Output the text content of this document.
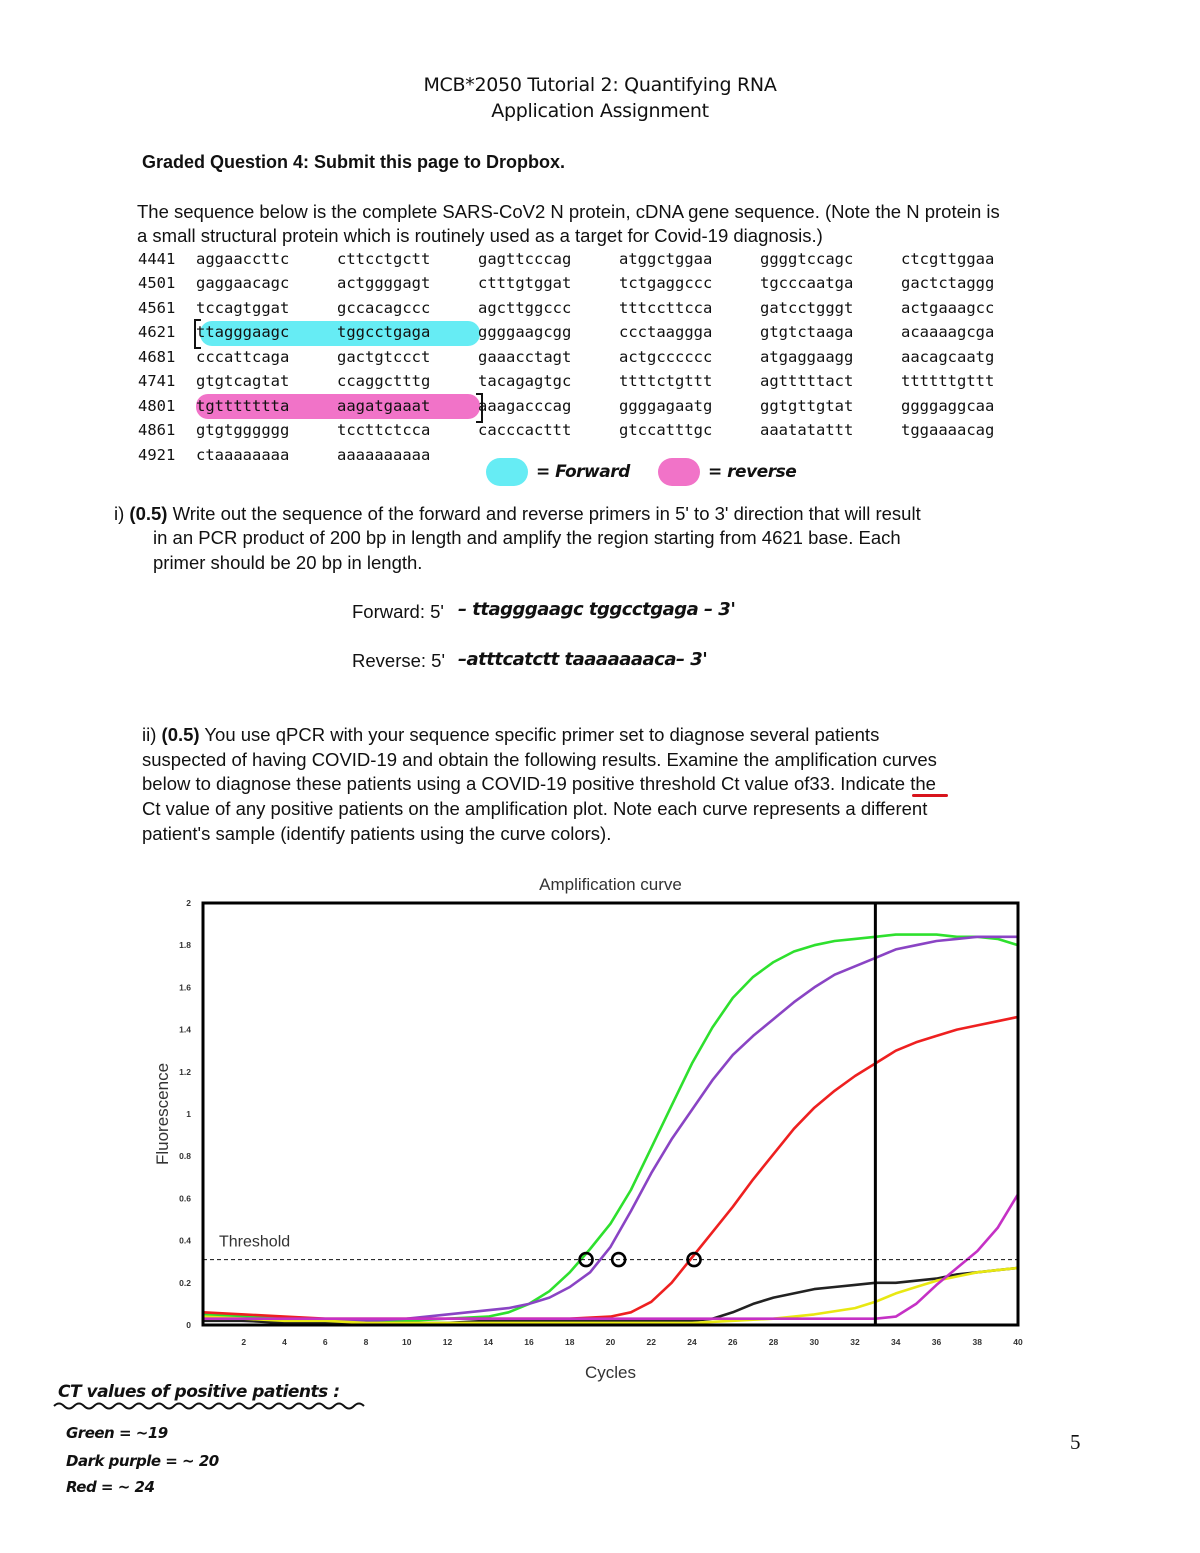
MCB*2050 Tutorial 2: Quantifying RNA
Application Assignment
Graded Question 4: Submit this page to Dropbox.
The sequence below is the complete SARS-CoV2 N protein, cDNA gene sequence. (Note the N protein is
a small structural protein which is routinely used as a target for Covid-19 diagnosis.)
4441 aggaaccttc	cttcctgctt	gagttcccag	atggctggaa	ggggtccagc	ctcgttggaa
4501 gaggaacagc	actggggagt	ctttgtggat	tctgaggccc	tgcccaatga	gactctaggg
4561 tccagtggat	gccacagccc	agcttggccc	tttccttcca	gatcctgggt	actgaaagcc
4621 ttagggaagc	tggcctgaga	ggggaagcgg	ccctaaggga	gtgtctaaga	acaaaagcga
4681 cccattcaga	gactgtccct	gaaacctagt	actgcccccc	atgaggaagg	aacagcaatg
4741 gtgtcagtat	ccaggctttg	tacagagtgc	ttttctgttt	agtttttact	ttttttgttt
4801 tgttttttta	aagatgaaat	aaagacccag	ggggagaatg	ggtgttgtat	ggggaggcaa
4861 gtgtgggggg	tccttctcca	cacccacttt	gtccatttgc	aaatatattt	tggaaaacag
4921 ctaaaaaaaa	aaaaaaaaaa
= Forward	= reverse
i) (0.5) Write out the sequence of the forward and reverse primers in 5' to 3' direction that will result
in an PCR product of 200 bp in length and amplify the region starting from 4621 base. Each
primer should be 20 bp in length.
Forward: 5' – ttagggaagc tggcctgaga – 3'
Reverse: 5' –atttcatctt taaaaaaaca– 3'
ii) (0.5) You use qPCR with your sequence specific primer set to diagnose several patients
suspected of having COVID-19 and obtain the following results. Examine the amplification curves
below to diagnose these patients using a COVID-19 positive threshold Ct value of33. Indicate the
Ct value of any positive patients on the amplification plot. Note each curve represents a different
patient's sample (identify patients using the curve colors).
Amplification curve
Cycles
Fluorescence
0
0.2
0.4
0.6
0.8
1
1.2
1.4
1.6
1.8
2
2	4	6	8	10	12	14	16	18	20	22	24	26	28	30	32	34	36	38	40
Threshold
CT values of positive patients :
Green = ~19
Dark purple = ~ 20
Red = ~ 24
5
